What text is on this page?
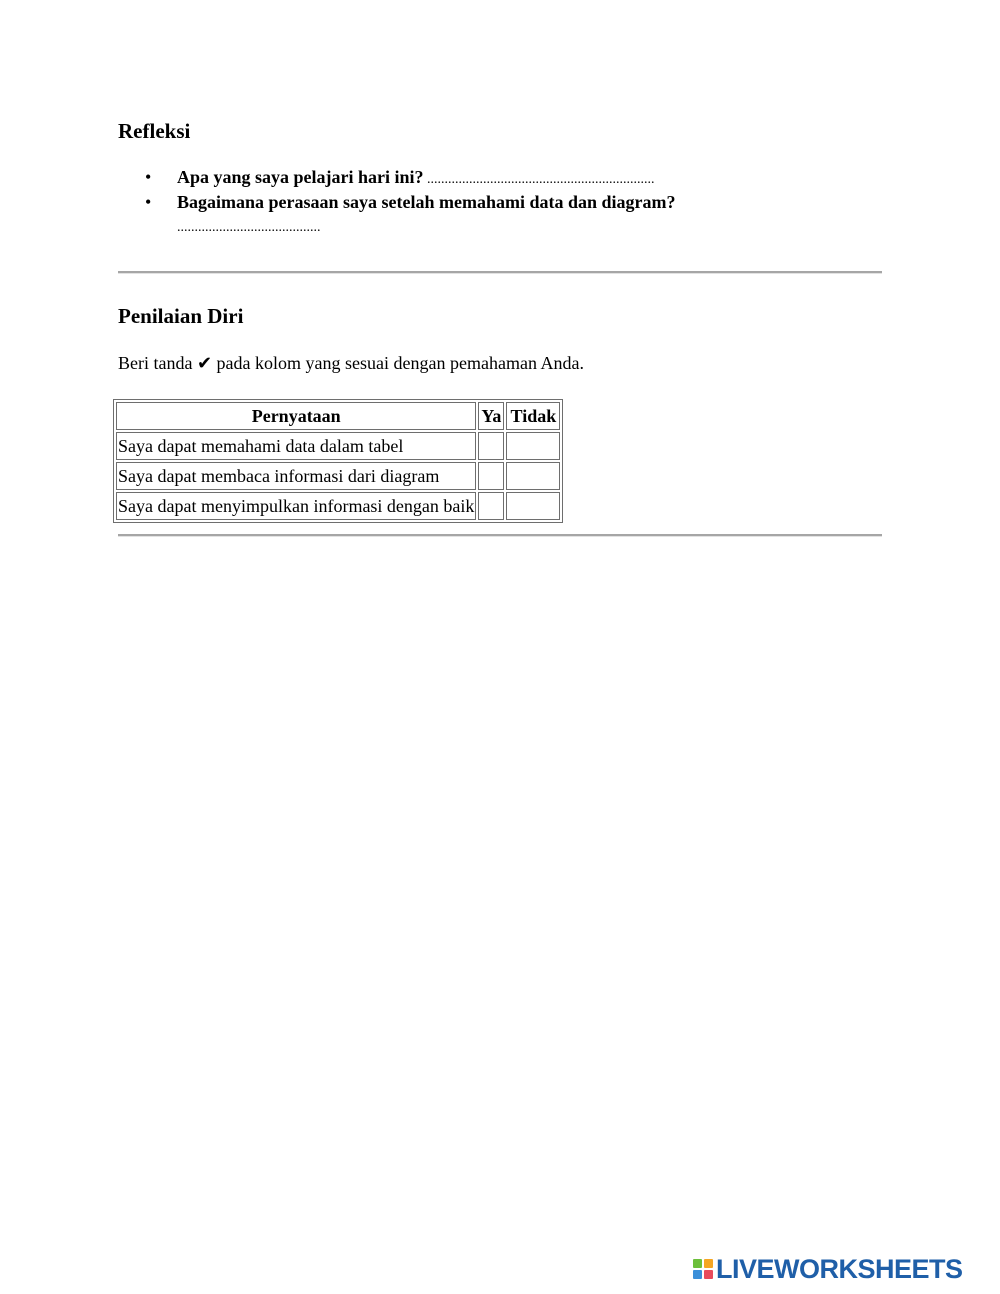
Refleksi
• Apa yang saya pelajari hari ini? .................................................................
• Bagaimana perasaan saya setelah memahami data dan diagram?
.........................................
Penilaian Diri

Beri tanda ✔ pada kolom yang sesuai dengan pemahaman Anda.

Pernyataan	Ya	Tidak
Saya dapat memahami data dalam tabel		
Saya dapat membaca informasi dari diagram		
Saya dapat menyimpulkan informasi dengan baik		
LIVEWORKSHEETS
